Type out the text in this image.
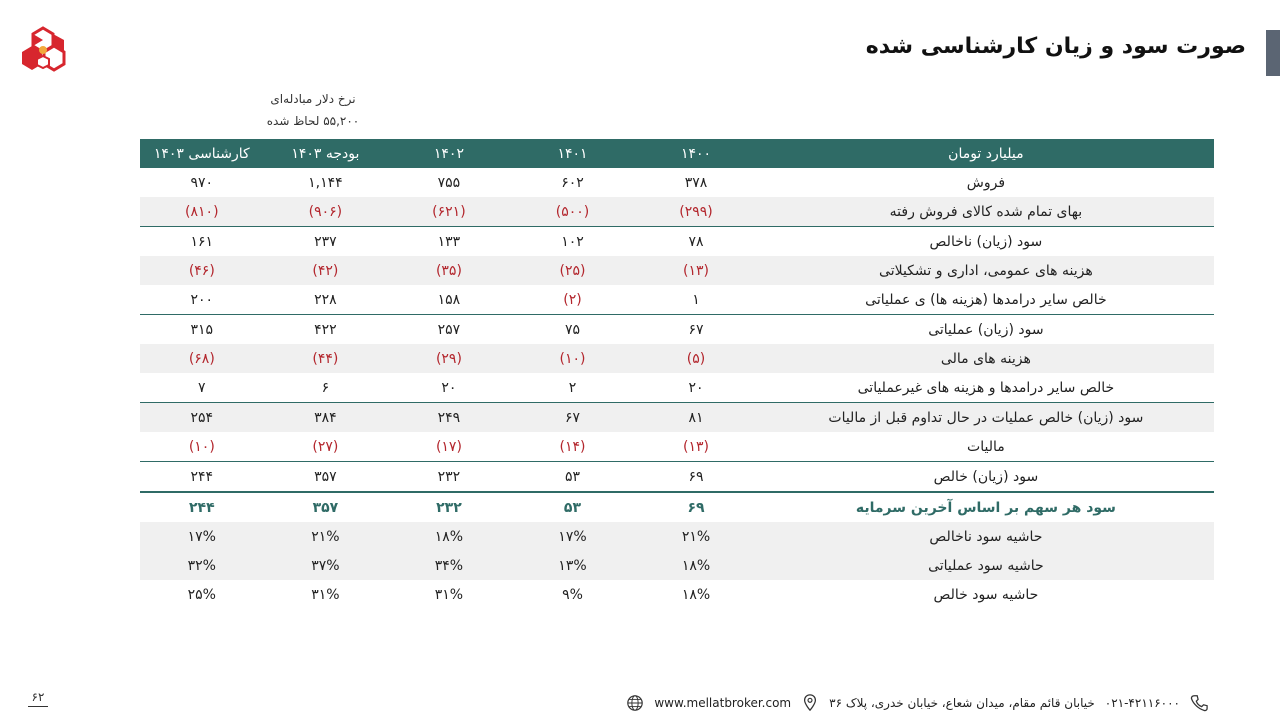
صورت سود و زیان کارشناسی شده
نرخ دلار مبادله‌ای
۵۵,۲۰۰ لحاظ شده
میلیارد تومان	۱۴۰۰	۱۴۰۱	۱۴۰۲	بودجه ۱۴۰۳	کارشناسی ۱۴۰۳
فروش	۳۷۸	۶۰۲	۷۵۵	۱,۱۴۴	۹۷۰
بهای تمام شده کالای فروش رفته	(۲۹۹)	(۵۰۰)	(۶۲۱)	(۹۰۶)	(۸۱۰)
سود (زیان) ناخالص	۷۸	۱۰۲	۱۳۳	۲۳۷	۱۶۱
هزینه های عمومی، اداری و تشکیلاتی	(۱۳)	(۲۵)	(۳۵)	(۴۲)	(۴۶)
خالص سایر درامدها (هزینه ها) ی عملیاتی	۱	(۲)	۱۵۸	۲۲۸	۲۰۰
سود (زیان) عملیاتی	۶۷	۷۵	۲۵۷	۴۲۲	۳۱۵
هزینه های مالی	(۵)	(۱۰)	(۲۹)	(۴۴)	(۶۸)
خالص سایر درامدها و هزینه های غیرعملیاتی	۲۰	۲	۲۰	۶	۷
سود (زیان) خالص عملیات در حال تداوم قبل از مالیات	۸۱	۶۷	۲۴۹	۳۸۴	۲۵۴
مالیات	(۱۳)	(۱۴)	(۱۷)	(۲۷)	(۱۰)
سود (زیان) خالص	۶۹	۵۳	۲۳۲	۳۵۷	۲۴۴
سود هر سهم بر اساس آخرین سرمایه	۶۹	۵۳	۲۳۲	۳۵۷	۲۴۴
حاشیه سود ناخالص	۲۱%	۱۷%	۱۸%	۲۱%	۱۷%
حاشیه سود عملیاتی	۱۸%	۱۳%	۳۴%	۳۷%	۳۲%
حاشیه سود خالص	۱۸%	۹%	۳۱%	۳۱%	۲۵%
۰۲۱-۴۲۱۱۶۰۰۰
خیابان قائم مقام، میدان شعاع، خیابان خدری، پلاک ۳۶
www.mellatbroker.com
۶۲
